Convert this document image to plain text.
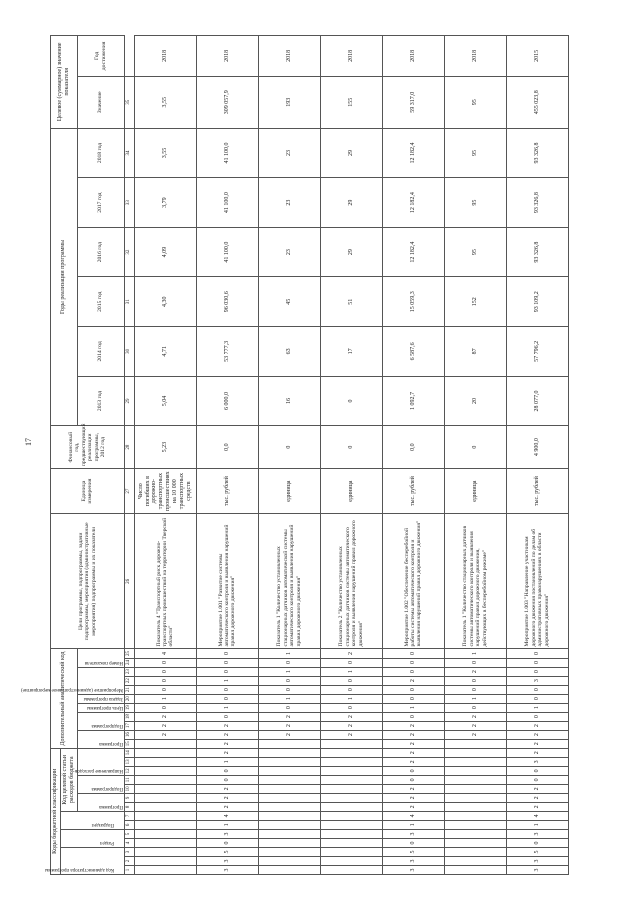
17
Коды бюджетной классификации														Дополнительный аналитический код											Цели программы, подпрограммы, задачи подпрограммы, мероприятия (административные мероприятия) подпрограммы и их показатели	Единица измерения	Финансовый год, предшествующий реализации программы, 2012 год	Годы реализации программы						Целевое (суммарное) значение показателя	

Код администратора программы			Раздел		Подраздел		Код целевой статьи расходов бюджета																												

							Программа		Подпрограмма		Направление расходов			Программа		Подпрограмма		Цель программы	Задача программы	Мероприятие (административное мероприятие)			Номер показателя					2013 год	2014 год	2015 год	2016 год	2017 год	2018 год	Значение	Год достижения
1	2	3	4	5	6	7	8	9	10	11	12	13	14	15	16	17	18	19	20	21	22	23	24	25	26	27	28	29	30	31	32	33	34	35	
															2	2	2	0	1	0	0	0	0	4	Показатель 4 "Транспортный риск дорожно-транспортных происшествий на территории Тверской области"	Число погибших в дорожно-транспортных происшествиях на 10 000 транспортных средств	5,23	5,04	4,71	4,30	4,09	3,79	3,55	3,55	2018
3	3	5	0	3	1	4	2	2	2	0	0	1	2	2	2	2	0	1	0	0	1	0	0	0	Мероприятие 1.001 "Развитие системы автоматического контроля и выявления нарушений правил дорожного движения"	тыс. рублей	0,0	6 000,0	53 777,3	96 030,6	41 100,0	41 100,0	41 100,0	309 057,9	2018
															2	2	2	0	1	0	0	1	0	1	Показатель 1 "Количество установленных стационарных датчиков автоматической системы автоматического контроля и выявления нарушений правил дорожного движения"	единица	0	16	63	45	23	23	23	193	2018
															2	2	2	0	1	0	0	1	0	2	Показатель 2 "Количество установленных стационарных датчиков системы автоматического контроля и выявления нарушений правил дорожного движения"	единица	0	0	17	51	29	29	29	155	2018
3	3	5	0	3	1	4	2	2	2	0	0	2	2	2	2	2	0	1	0	0	2	0	0	0	Мероприятие 1.002 "Обеспечение бесперебойной работы системы автоматического контроля и выявления нарушений правил дорожного движения"	тыс. рублей	0,0	1 092,7	6 587,6	15 059,3	12 182,4	12 182,4	12 182,4	59 317,0	2018
															2	2	2	0	1	0	0	2	0	1	Показатель 1 "Количество стационарных датчиков системы автоматического контроля и выявления нарушений правил дорожного движения, действующих в бесперебойном режиме"	единица	0	20	87	152	95	95	95	95	2018
3	3	5	0	3	1	4	2	2	2	0	0	3	2	2	2	2	0	1	0	0	3	0	0	0	Мероприятие 1.003 "Направление участникам дорожного движения постановлений по делам об административных правонарушениях в области дорожного движения"	тыс. рублей	4 900,0	28 077,0	57 796,2	93 109,2	93 326,8	93 326,8	93 326,8	455 023,8	2015
